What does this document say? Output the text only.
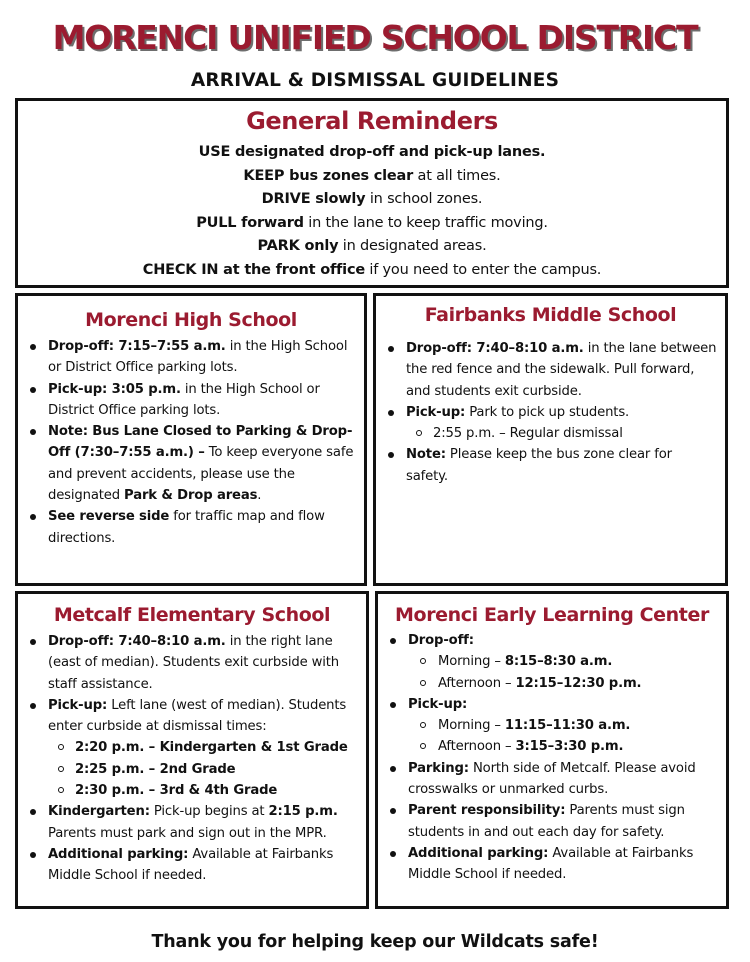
MORENCI UNIFIED SCHOOL DISTRICT
ARRIVAL & DISMISSAL GUIDELINES
General Reminders
USE designated drop-off and pick-up lanes.
KEEP bus zones clear at all times.
DRIVE slowly in school zones.
PULL forward in the lane to keep traffic moving.
PARK only in designated areas.
CHECK IN at the front office if you need to enter the campus.
Morenci High School
Drop-off: 7:15–7:55 a.m. in the High School or District Office parking lots.
Pick-up: 3:05 p.m. in the High School or District Office parking lots.
Note: Bus Lane Closed to Parking & Drop-Off (7:30–7:55 a.m.) – To keep everyone safe and prevent accidents, please use the designated Park & Drop areas.
See reverse side for traffic map and flow directions.
Fairbanks Middle School
Drop-off: 7:40–8:10 a.m. in the lane between the red fence and the sidewalk. Pull forward, and students exit curbside.
Pick-up: Park to pick up students.
2:55 p.m. – Regular dismissal
Note: Please keep the bus zone clear for safety.
Metcalf Elementary School
Drop-off: 7:40–8:10 a.m. in the right lane (east of median). Students exit curbside with staff assistance.
Pick-up: Left lane (west of median). Students enter curbside at dismissal times:
2:20 p.m. – Kindergarten & 1st Grade
2:25 p.m. – 2nd Grade
2:30 p.m. – 3rd & 4th Grade
Kindergarten: Pick-up begins at 2:15 p.m. Parents must park and sign out in the MPR.
Additional parking: Available at Fairbanks Middle School if needed.
Morenci Early Learning Center
Drop-off:
Morning – 8:15–8:30 a.m.
Afternoon – 12:15–12:30 p.m.
Pick-up:
Morning – 11:15–11:30 a.m.
Afternoon – 3:15–3:30 p.m.
Parking: North side of Metcalf. Please avoid crosswalks or unmarked curbs.
Parent responsibility: Parents must sign students in and out each day for safety.
Additional parking: Available at Fairbanks Middle School if needed.
Thank you for helping keep our Wildcats safe!
